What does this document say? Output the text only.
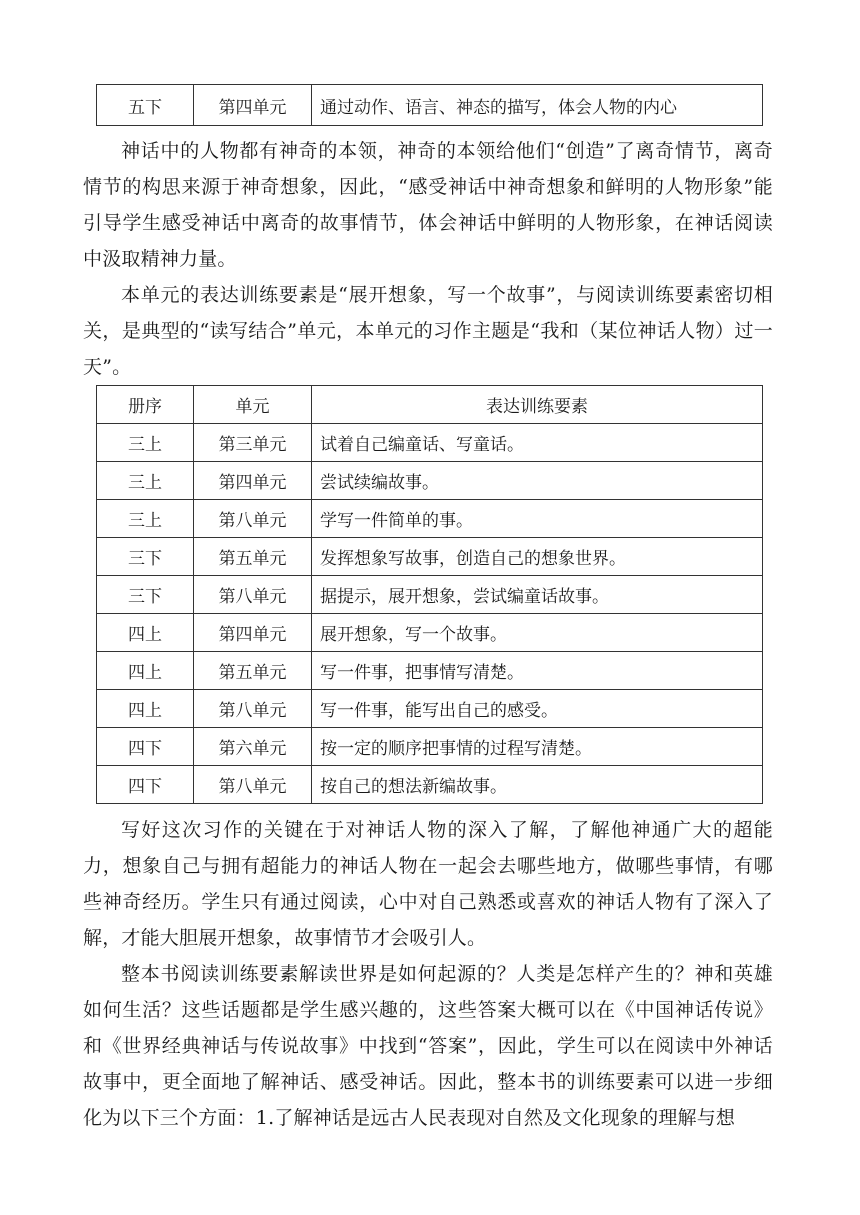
五下	第四单元	通过动作、语言、神态的描写，体会人物的内心

神话中的人物都有神奇的本领，神奇的本领给他们“创造”了离奇情节，离奇情节的构思来源于神奇想象，因此，“感受神话中神奇想象和鲜明的人物形象”能引导学生感受神话中离奇的故事情节，体会神话中鲜明的人物形象，在神话阅读中汲取精神力量。

本单元的表达训练要素是“展开想象，写一个故事”，与阅读训练要素密切相关，是典型的“读写结合”单元，本单元的习作主题是“我和（某位神话人物）过一天”。

册序	单元	表达训练要素
三上	第三单元	试着自己编童话、写童话。
三上	第四单元	尝试续编故事。
三上	第八单元	学写一件简单的事。
三下	第五单元	发挥想象写故事，创造自己的想象世界。
三下	第八单元	据提示，展开想象，尝试编童话故事。
四上	第四单元	展开想象，写一个故事。
四上	第五单元	写一件事，把事情写清楚。
四上	第八单元	写一件事，能写出自己的感受。
四下	第六单元	按一定的顺序把事情的过程写清楚。
四下	第八单元	按自己的想法新编故事。

写好这次习作的关键在于对神话人物的深入了解，了解他神通广大的超能力，想象自己与拥有超能力的神话人物在一起会去哪些地方，做哪些事情，有哪些神奇经历。学生只有通过阅读，心中对自己熟悉或喜欢的神话人物有了深入了解，才能大胆展开想象，故事情节才会吸引人。

整本书阅读训练要素解读世界是如何起源的？人类是怎样产生的？神和英雄如何生活？这些话题都是学生感兴趣的，这些答案大概可以在《中国神话传说》和《世界经典神话与传说故事》中找到“答案”，因此，学生可以在阅读中外神话故事中，更全面地了解神话、感受神话。因此，整本书的训练要素可以进一步细化为以下三个方面：1.了解神话是远古人民表现对自然及文化现象的理解与想
